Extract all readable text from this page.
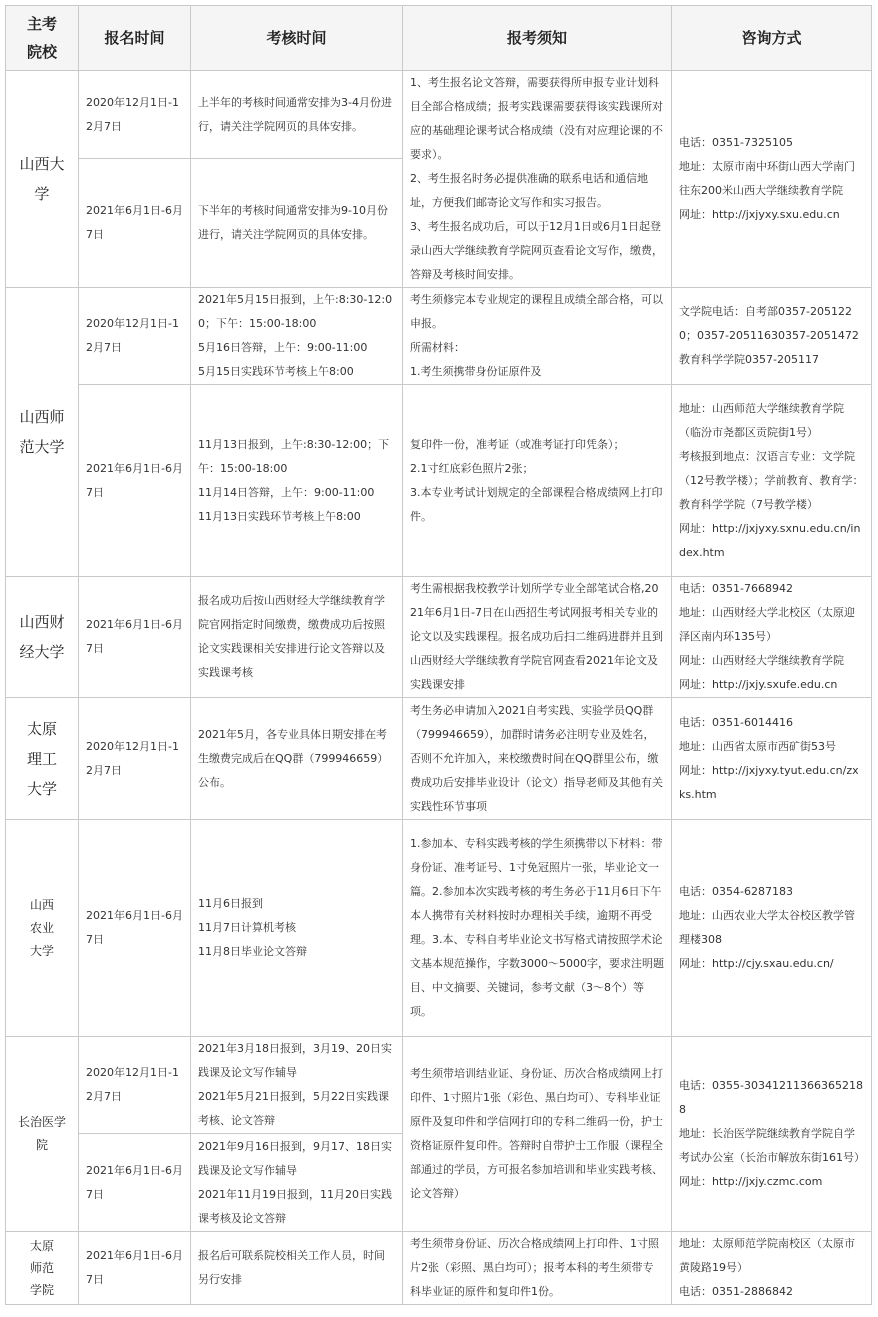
主考院校	报名时间	考核时间	报考须知	咨询方式
山西大学	2020年12月1日-12月7日	上半年的考核时间通常安排为3-4月份进行，请关注学院网页的具体安排。	1、考生报名论文答辩，需要获得所申报专业计划科目全部合格成绩；报考实践课需要获得该实践课所对应的基础理论课考试合格成绩（没有对应理论课的不要求）。
2、考生报名时务必提供准确的联系电话和通信地址，方便我们邮寄论文写作和实习报告。
3、考生报名成功后，可以于12月1日或6月1日起登录山西大学继续教育学院网页查看论文写作，缴费，答辩及考核时间安排。	电话：0351-7325105
地址：太原市南中环街山西大学南门往东200米山西大学继续教育学院
网址：http://jxjyxy.sxu.edu.cn

	2021年6月1日-6月7日	下半年的考核时间通常安排为9-10月份进行，请关注学院网页的具体安排。		
山西师范大学	2020年12月1日-12月7日	2021年5月15日报到，上午:8:30-12:00；下午：15:00-18:00
5月16日答辩，上午：9:00-11:00
5月15日实践环节考核上午8:00	考生须修完本专业规定的课程且成绩全部合格，可以申报。
所需材料：
1.考生须携带身份证原件及	文学院电话：自考部0357-2051220；0357-20511630357-2051472
教育科学学院0357-205117

	2021年6月1日-6月7日	11月13日报到，上午:8:30-12:00；下午：15:00-18:00
11月14日答辩，上午：9:00-11:00
11月13日实践环节考核上午8:00	复印件一份，准考证（或准考证打印凭条）；
2.1寸红底彩色照片2张；
3.本专业考试计划规定的全部课程合格成绩网上打印件。	地址：山西师范大学继续教育学院（临汾市尧都区贡院街1号）
考核报到地点：汉语言专业：文学院（12号教学楼）；学前教育、教育学：教育科学学院（7号教学楼）
网址：http://jxjyxy.sxnu.edu.cn/index.htm

山西财经大学	2021年6月1日-6月7日	报名成功后按山西财经大学继续教育学院官网指定时间缴费，缴费成功后按照论文实践课相关安排进行论文答辩以及实践课考核	考生需根据我校教学计划所学专业全部笔试合格,2021年6月1日-7日在山西招生考试网报考相关专业的论文以及实践课程。报名成功后扫二维码进群并且到山西财经大学继续教育学院官网查看2021年论文及实践课安排	电话：0351-7668942
地址：山西财经大学北校区（太原迎泽区南内环135号）
网址：山西财经大学继续教育学院
网址：http://jxjy.sxufe.edu.cn

太原理工大学	2020年12月1日-12月7日	2021年5月，各专业具体日期安排在考生缴费完成后在QQ群（799946659）公布。	考生务必申请加入2021自考实践、实验学员QQ群（799946659），加群时请务必注明专业及姓名，否则不允许加入，来校缴费时间在QQ群里公布，缴费成功后安排毕业设计（论文）指导老师及其他有关实践性环节事项	电话：0351-6014416
地址：山西省太原市西矿街53号
网址：http://jxjyxy.tyut.edu.cn/zxks.htm

山西农业大学	2021年6月1日-6月7日	11月6日报到
11月7日计算机考核
11月8日毕业论文答辩	1.参加本、专科实践考核的学生须携带以下材料：带身份证、准考证号、1寸免冠照片一张，毕业论文一篇。2.参加本次实践考核的考生务必于11月6日下午本人携带有关材料按时办理相关手续，逾期不再受理。3.本、专科自考毕业论文书写格式请按照学术论文基本规范操作，字数3000～5000字，要求注明题目、中文摘要、关键词，参考文献（3～8个）等项。	电话：0354-6287183
地址：山西农业大学太谷校区教学管理楼308
网址：http://cjy.sxau.edu.cn/

长治医学院	2020年12月1日-12月7日	2021年3月18日报到，3月19、20日实践课及论文写作辅导
2021年5月21日报到，5月22日实践课考核、论文答辩	考生须带培训结业证、身份证、历次合格成绩网上打印件、1寸照片1张（彩色、黑白均可）、专科毕业证原件及复印件和学信网打印的专科二维码一份，护士资格证原件复印件。答辩时自带护士工作服（课程全部通过的学员，方可报名参加培训和毕业实践考核、论文答辩）	电话：0355-303412113663652188
地址：长治医学院继续教育学院自学考试办公室（长治市解放东街161号）
网址：http://jxjy.czmc.com

	2021年6月1日-6月7日	2021年9月16日报到，9月17、18日实践课及论文写作辅导
2021年11月19日报到，11月20日实践课考核及论文答辩		

太原师范学院	2021年6月1日-6月7日	报名后可联系院校相关工作人员，时间另行安排	考生须带身份证、历次合格成绩网上打印件、1寸照片2张（彩照、黑白均可）；报考本科的考生须带专科毕业证的原件和复印件1份。	地址：太原师范学院南校区（太原市黄陵路19号）
电话：0351-2886842
